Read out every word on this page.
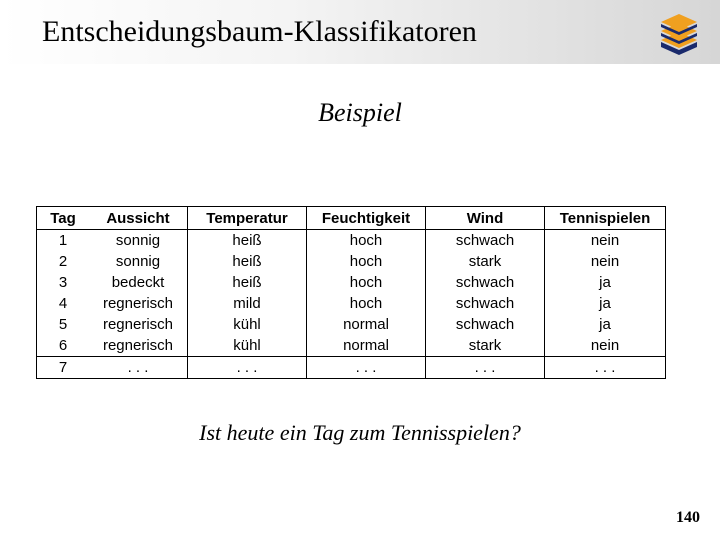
Entscheidungsbaum-Klassifikatoren
Beispiel
Tag	Aussicht	Temperatur	Feuchtigkeit	Wind	Tennispielen
1	sonnig	heiß	hoch	schwach	nein
2	sonnig	heiß	hoch	stark	nein
3	bedeckt	heiß	hoch	schwach	ja
4	regnerisch	mild	hoch	schwach	ja
5	regnerisch	kühl	normal	schwach	ja
6	regnerisch	kühl	normal	stark	nein
7	. . .	. . .	. . .	. . .	. . .
Ist heute ein Tag zum Tennisspielen?
140
